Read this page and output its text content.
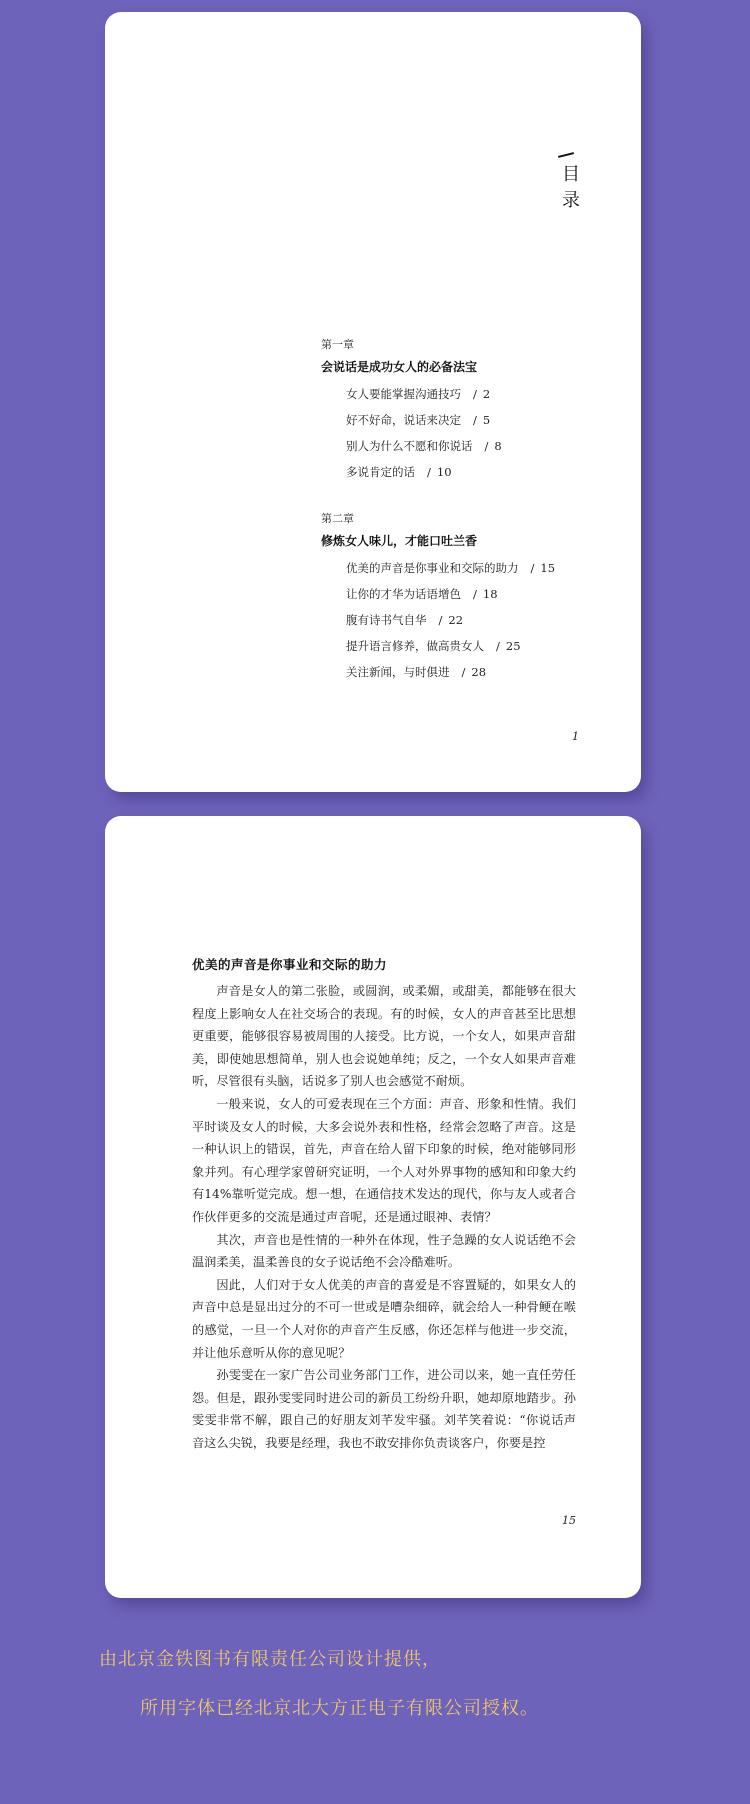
目
录
第一章
会说话是成功女人的必备法宝
女人要能掌握沟通技巧 / 2
好不好命，说话来决定 / 5
别人为什么不愿和你说话 / 8
多说肯定的话 / 10
第二章
修炼女人味儿，才能口吐兰香
优美的声音是你事业和交际的助力 / 15
让你的才华为话语增色 / 18
腹有诗书气自华 / 22
提升语言修养，做高贵女人 / 25
关注新闻，与时俱进 / 28
1
优美的声音是你事业和交际的助力

声音是女人的第二张脸，或圆润，或柔媚，或甜美，都能够在很大程度上影响女人在社交场合的表现。有的时候，女人的声音甚至比思想更重要，能够很容易被周围的人接受。比方说，一个女人，如果声音甜美，即使她思想简单，别人也会说她单纯；反之，一个女人如果声音难听，尽管很有头脑，话说多了别人也会感觉不耐烦。

一般来说，女人的可爱表现在三个方面：声音、形象和性情。我们平时谈及女人的时候，大多会说外表和性格，经常会忽略了声音。这是一种认识上的错误，首先，声音在给人留下印象的时候，绝对能够同形象并列。有心理学家曾研究证明，一个人对外界事物的感知和印象大约有14%靠听觉完成。想一想，在通信技术发达的现代，你与友人或者合作伙伴更多的交流是通过声音呢，还是通过眼神、表情？

其次，声音也是性情的一种外在体现，性子急躁的女人说话绝不会温润柔美，温柔善良的女子说话绝不会冷酷难听。

因此，人们对于女人优美的声音的喜爱是不容置疑的，如果女人的声音中总是显出过分的不可一世或是嘈杂细碎，就会给人一种骨鲠在喉的感觉，一旦一个人对你的声音产生反感，你还怎样与他进一步交流，并让他乐意听从你的意见呢？

孙雯雯在一家广告公司业务部门工作，进公司以来，她一直任劳任怨。但是，跟孙雯雯同时进公司的新员工纷纷升职，她却原地踏步。孙雯雯非常不解，跟自己的好朋友刘芊发牢骚。刘芊笑着说：“你说话声音这么尖锐，我要是经理，我也不敢安排你负责谈客户，你要是控

15
由北京金铁图书有限责任公司设计提供，
所用字体已经北京北大方正电子有限公司授权。
